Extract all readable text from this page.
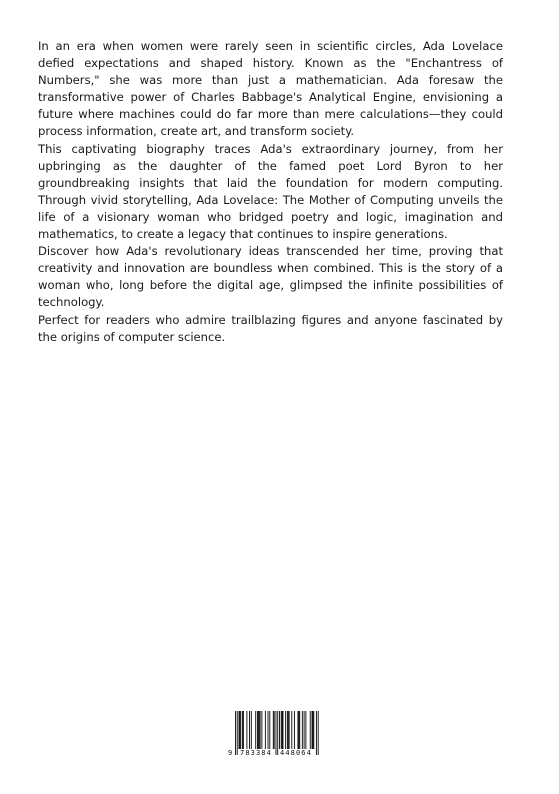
In an era when women were rarely seen in scientific circles, Ada Lovelace defied expectations and shaped history. Known as the "Enchantress of Numbers," she was more than just a mathematician. Ada foresaw the transformative power of Charles Babbage's Analytical Engine, envisioning a future where machines could do far more than mere calculations—they could process information, create art, and transform society.

This captivating biography traces Ada's extraordinary journey, from her upbringing as the daughter of the famed poet Lord Byron to her groundbreaking insights that laid the foundation for modern computing. Through vivid storytelling, Ada Lovelace: The Mother of Computing unveils the life of a visionary woman who bridged poetry and logic, imagination and mathematics, to create a legacy that continues to inspire generations.

Discover how Ada's revolutionary ideas transcended her time, proving that creativity and innovation are boundless when combined. This is the story of a woman who, long before the digital age, glimpsed the infinite possibilities of technology.

Perfect for readers who admire trailblazing figures and anyone fascinated by the origins of computer science.

9 783384 448064
